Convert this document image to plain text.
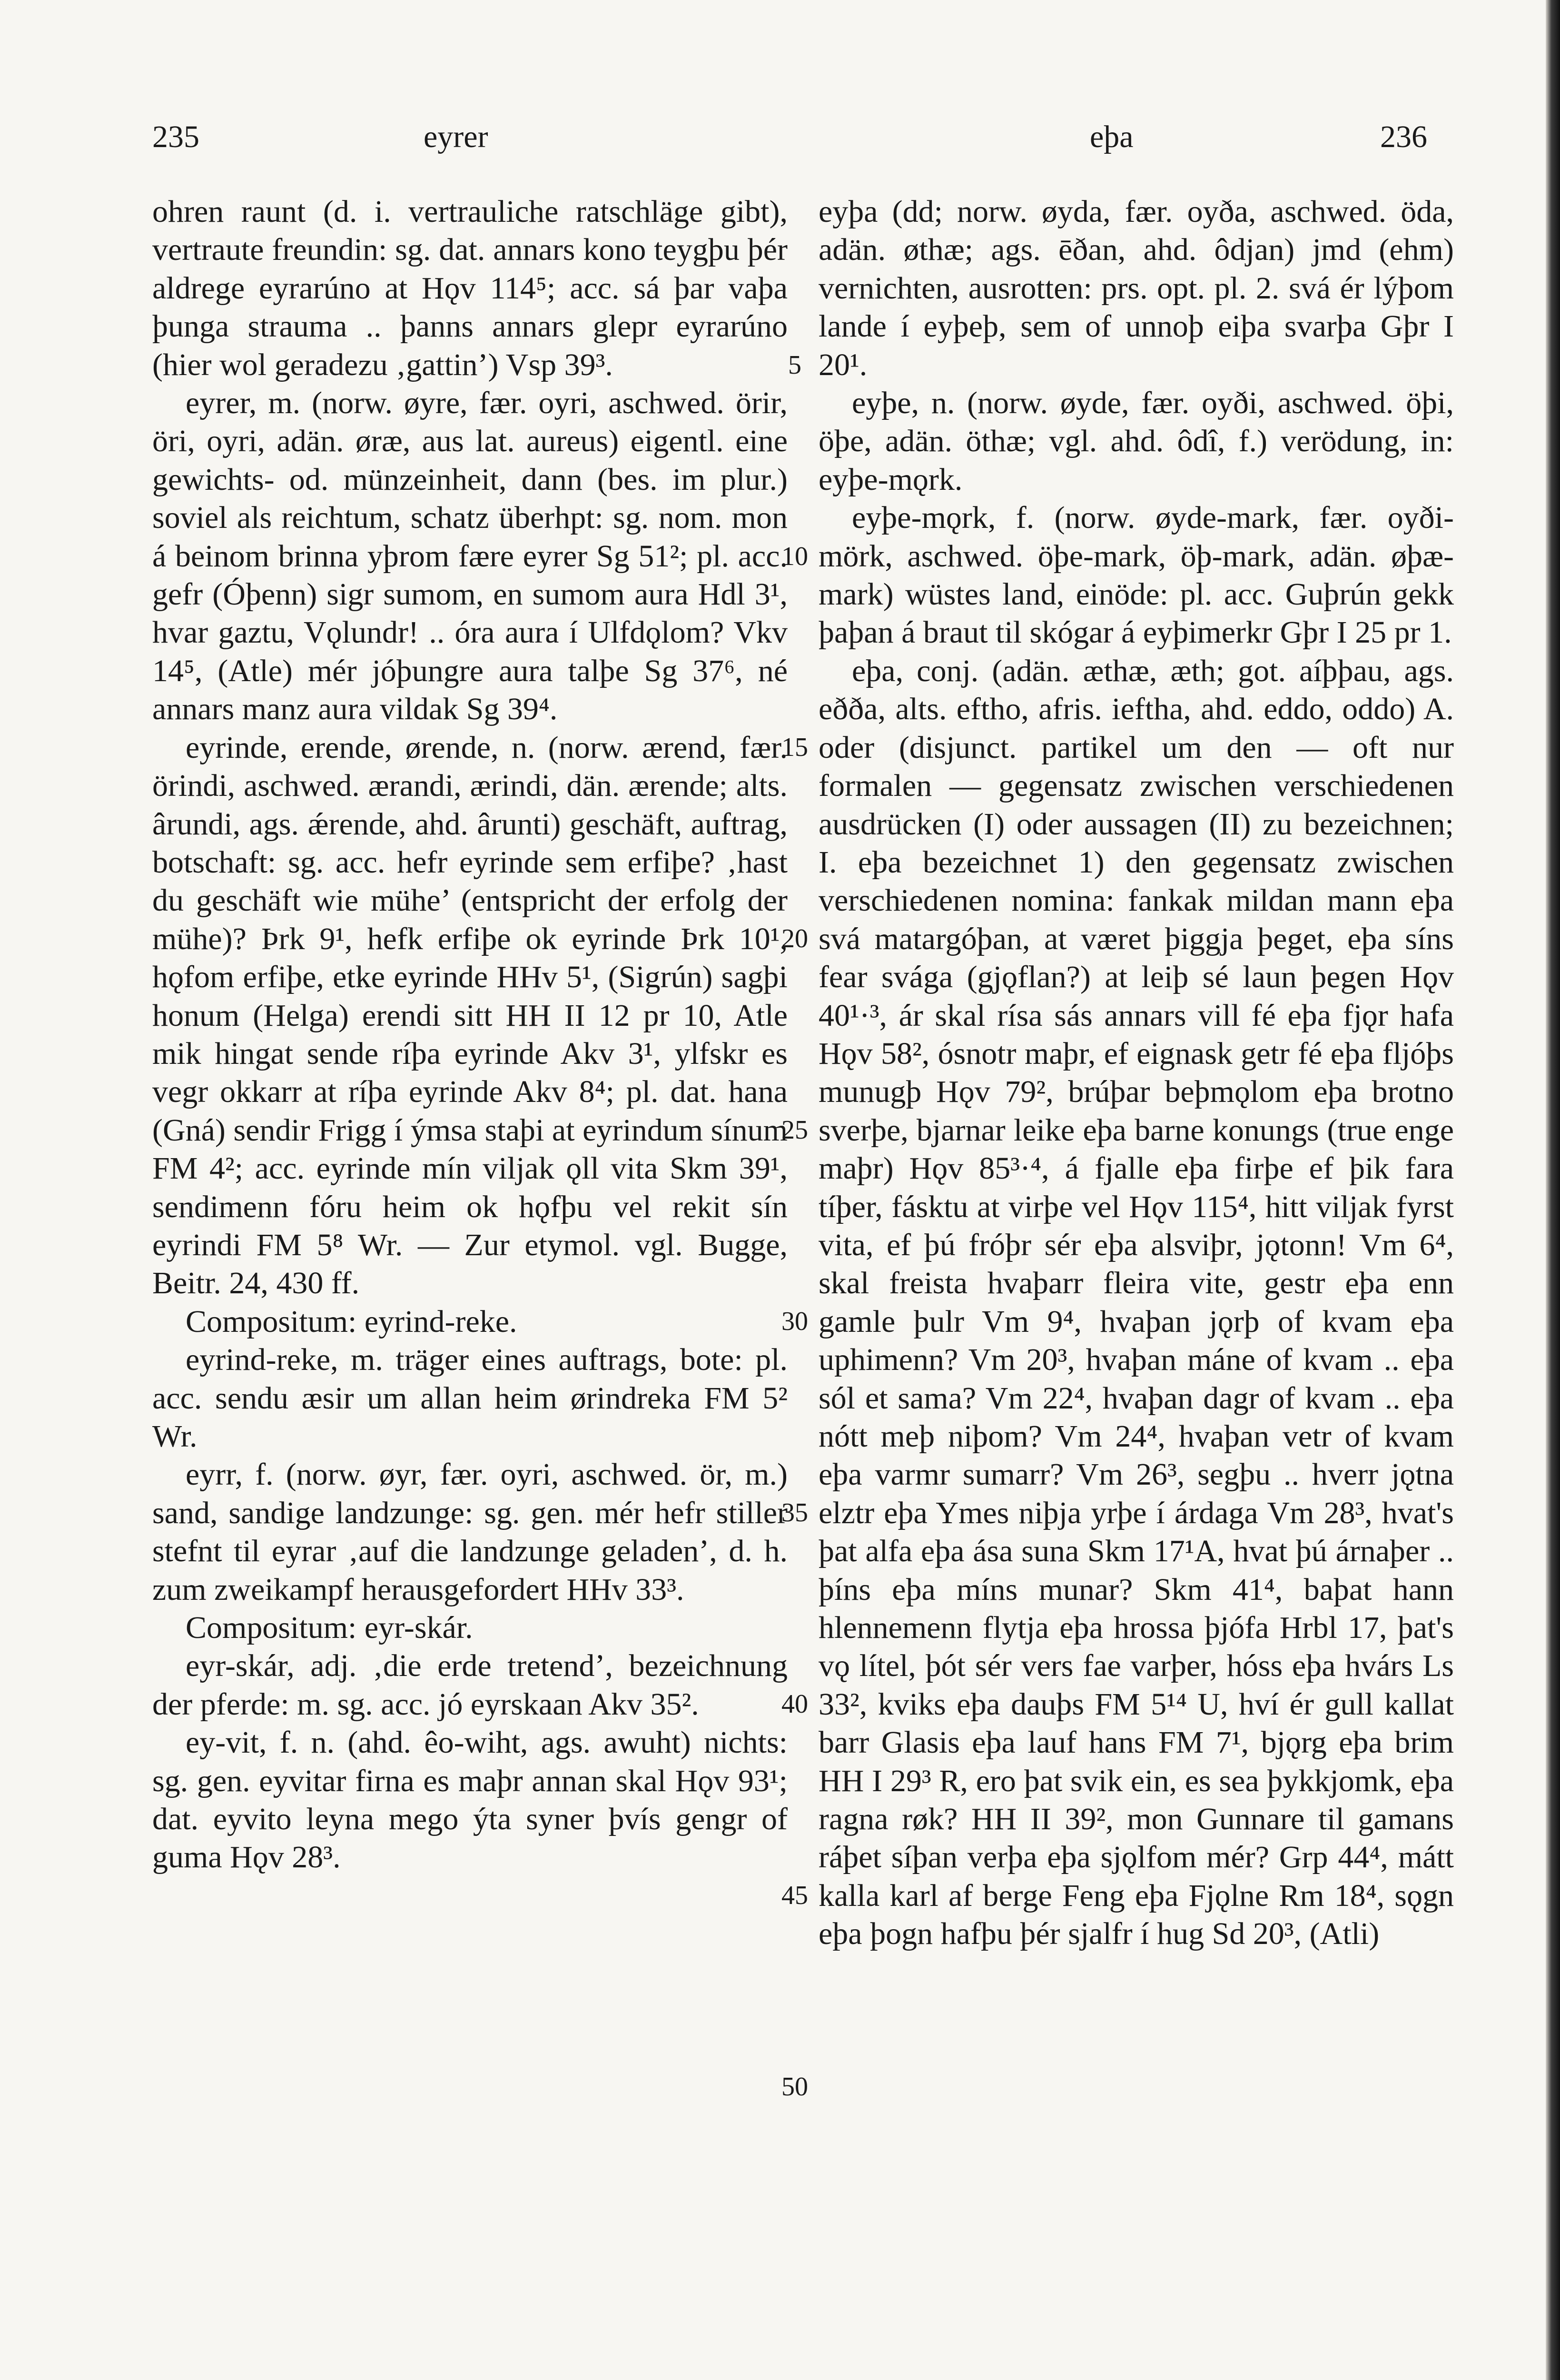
235	eyrer	eþa	236

ohren raunt (d. i. vertrauliche ratschläge gibt), vertraute freundin: sg. dat. annars kono teygþu þér aldrege eyrarúno at Hǫv 114⁵; acc. sá þar vaþa þunga strauma .. þanns annars glepr eyrarúno (hier wol geradezu ‚gattin’) Vsp 39³.

eyrer, m. (norw. øyre, fær. oyri, aschwed. örir, öri, oyri, adän. øræ, aus lat. aureus) eigentl. eine gewichts- od. münzeinheit, dann (bes. im plur.) soviel als reichtum, schatz überhpt: sg. nom. mon á beinom brinna yþrom fære eyrer Sg 51²; pl. acc. gefr (Óþenn) sigr sumom, en sumom aura Hdl 3¹, hvar gaztu, Vǫlundr! .. óra aura í Ulfdǫlom? Vkv 14⁵, (Atle) mér jóþungre aura talþe Sg 37⁶, né annars manz aura vildak Sg 39⁴.

eyrinde, erende, ørende, n. (norw. ærend, fær. örindi, aschwed. ærandi, ærindi, dän. ærende; alts. ârundi, ags. ǽrende, ahd. ârunti) geschäft, auftrag, botschaft: sg. acc. hefr eyrinde sem erfiþe? ‚hast du geschäft wie mühe’ (entspricht der erfolg der mühe)? Þrk 9¹, hefk erfiþe ok eyrinde Þrk 10¹, hǫfom erfiþe, etke eyrinde HHv 5¹, (Sigrún) sagþi honum (Helga) erendi sitt HH II 12 pr 10, Atle mik hingat sende ríþa eyrinde Akv 3¹, ylfskr es vegr okkarr at ríþa eyrinde Akv 8⁴; pl. dat. hana (Gná) sendir Frigg í ýmsa staþi at eyrindum sínum FM 4²; acc. eyrinde mín viljak ǫll vita Skm 39¹, sendimenn fóru heim ok hǫfþu vel rekit sín eyrindi FM 5⁸ Wr. — Zur etymol. vgl. Bugge, Beitr. 24, 430 ff.

Compositum: eyrind-reke.

eyrind-reke, m. träger eines auftrags, bote: pl. acc. sendu æsir um allan heim ørindreka FM 5² Wr.

eyrr, f. (norw. øyr, fær. oyri, aschwed. ör, m.) sand, sandige landzunge: sg. gen. mér hefr stiller stefnt til eyrar ‚auf die landzunge geladen’, d. h. zum zweikampf herausgefordert HHv 33³.

Compositum: eyr-skár.

eyr-skár, adj. ‚die erde tretend’, bezeichnung der pferde: m. sg. acc. jó eyrskaan Akv 35².

ey-vit, f. n. (ahd. êo-wiht, ags. awuht) nichts: sg. gen. eyvitar firna es maþr annan skal Hǫv 93¹; dat. eyvito leyna mego ýta syner þvís gengr of guma Hǫv 28³.

5
10
15
20
25
30
35
40
45
50

eyþa (dd; norw. øyda, fær. oyða, aschwed. öda, adän. øthæ; ags. ēðan, ahd. ôdjan) jmd (ehm) vernichten, ausrotten: prs. opt. pl. 2. svá ér lýþom lande í eyþeþ, sem of unnoþ eiþa svarþa Gþr I 20¹.

eyþe, n. (norw. øyde, fær. oyði, aschwed. öþi, öþe, adän. öthæ; vgl. ahd. ôdî, f.) verödung, in: eyþe-mǫrk.

eyþe-mǫrk, f. (norw. øyde-mark, fær. oyði-mörk, aschwed. öþe-mark, öþ-mark, adän. øþæ-mark) wüstes land, einöde: pl. acc. Guþrún gekk þaþan á braut til skógar á eyþimerkr Gþr I 25 pr 1.

eþa, conj. (adän. æthæ, æth; got. aíþþau, ags. eðða, alts. eftho, afris. iefthа, ahd. eddo, oddo) A. oder (disjunct. partikel um den — oft nur formalen — gegensatz zwischen verschiedenen ausdrücken (I) oder aussagen (II) zu bezeichnen; I. eþa bezeichnet 1) den gegensatz zwischen verschiedenen nomina: fankak mildan mann eþa svá matargóþan, at været þiggja þeget, eþa síns fear svága (gjǫflan?) at leiþ sé laun þegen Hǫv 40¹·³, ár skal rísa sás annars vill fé eþa fjǫr hafa Hǫv 58², ósnotr maþr, ef eignask getr fé eþa fljóþs munugþ Hǫv 79², brúþar beþmǫlom eþa brotno sverþe, bjarnar leike eþa barne konungs (true enge maþr) Hǫv 85³·⁴, á fjalle eþa firþe ef þik fara tíþer, fásktu at virþe vel Hǫv 115⁴, hitt viljak fyrst vita, ef þú fróþr sér eþa alsviþr, jǫtonn! Vm 6⁴, skal freista hvaþarr fleira vite, gestr eþa enn gamle þulr Vm 9⁴, hvaþan jǫrþ of kvam eþa uphimenn? Vm 20³, hvaþan máne of kvam .. eþa sól et sama? Vm 22⁴, hvaþan dagr of kvam .. eþa nótt meþ niþom? Vm 24⁴, hvaþan vetr of kvam eþa varmr sumarr? Vm 26³, segþu .. hverr jǫtna elztr eþa Ymes niþja yrþe í árdaga Vm 28³, hvat's þat alfa eþa ása suna Skm 17¹A, hvat þú árnaþer .. þíns eþa míns munar? Skm 41⁴, baþat hann hlennemenn flytja eþa hrossa þjófa Hrbl 17, þat's vǫ lítel, þót sér vers fae varþer, hóss eþa hvárs Ls 33², kviks eþa dauþs FM 5¹⁴ U, hví ér gull kallat barr Glasis eþa lauf hans FM 7¹, bjǫrg eþa brim HH I 29³ R, ero þat svik ein, es sea þykkjomk, eþa ragna røk? HH II 39², mon Gunnare til gamans ráþet síþan verþa eþa sjǫlfom mér? Grp 44⁴, mátt kalla karl af berge Feng eþa Fjǫlne Rm 18⁴, sǫgn eþa þogn hafþu þér sjalfr í hug Sd 20³, (Atli)
